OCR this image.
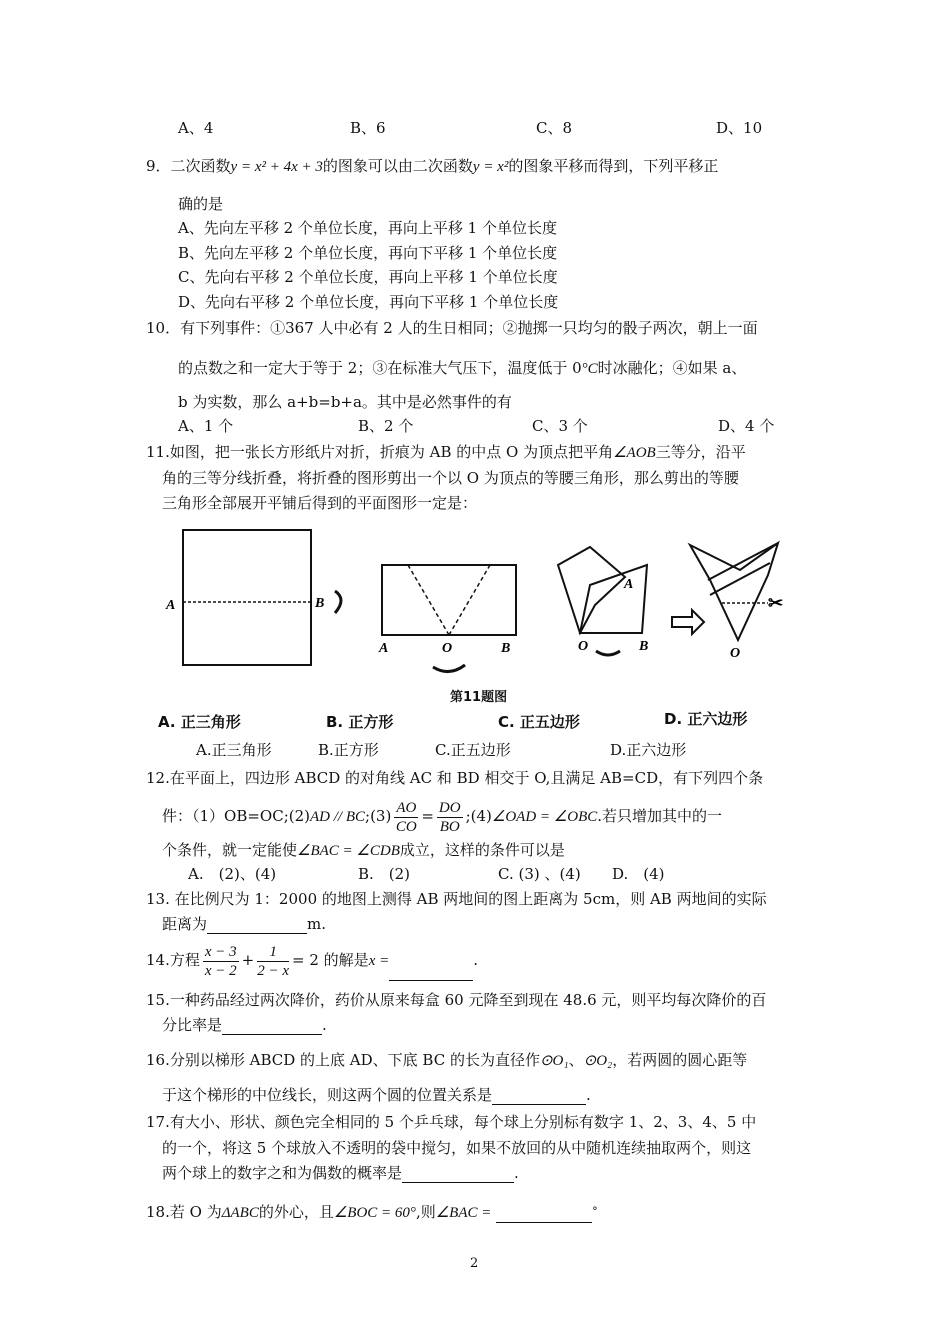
A、4	B、6	C、8	D、10
9．二次函数y = x² + 4x + 3的图象可以由二次函数y = x²的图象平移而得到，下列平移正
确的是
A、先向左平移 2 个单位长度，再向上平移 1 个单位长度
B、先向左平移 2 个单位长度，再向下平移 1 个单位长度
C、先向右平移 2 个单位长度，再向上平移 1 个单位长度
D、先向右平移 2 个单位长度，再向下平移 1 个单位长度
10．有下列事件：①367 人中必有 2 人的生日相同；②抛掷一只均匀的骰子两次，朝上一面
的点数之和一定大于等于 2；③在标准大气压下，温度低于 0°C时冰融化；④如果 a、
b 为实数，那么 a+b=b+a。其中是必然事件的有
A、1 个	B、2 个	C、3 个	D、4 个
11.如图，把一张长方形纸片对折，折痕为 AB 的中点 O 为顶点把平角∠AOB三等分，沿平
角的三等分线折叠，将折叠的图形剪出一个以 O 为顶点的等腰三角形，那么剪出的等腰
三角形全部展开平铺后得到的平面图形一定是：
A	B
A	O	B
A
O	B
✂
O
第11题图
A. 正三角形	B. 正方形	C. 正五边形	D. 正六边形
A.正三角形	B.正方形	C.正五边形	D.正六边形
12.在平面上，四边形 ABCD 的对角线 AC 和 BD 相交于 O,且满足 AB=CD，有下列四个条
件：（1）OB=OC;(2)AD // BC;(3) $\frac{AO}{CO} = \frac{DO}{BO}$ ;(4)∠OAD = ∠OBC.若只增加其中的一
个条件，就一定能使∠BAC = ∠CDB成立，这样的条件可以是
A.　(2)、(4)	B.　(2)	C. (3) 、(4) D.　(4)
13. 在比例尺为 1：2000 的地图上测得 AB 两地间的图上距离为 5cm，则 AB 两地间的实际
距离为	m.
14.方程 $\frac{x - 3}{x - 2} + \frac{1}{2 - x} = 2$ 的解是x =	.
15.一种药品经过两次降价，药价从原来每盒 60 元降至到现在 48.6 元，则平均每次降价的百
分比率是	.
16.分别以梯形 ABCD 的上底 AD、下底 BC 的长为直径作⊙O₁、⊙O₂，若两圆的圆心距等
于这个梯形的中位线长，则这两个圆的位置关系是	.
17.有大小、形状、颜色完全相同的 5 个乒乓球，每个球上分别标有数字 1、2、3、4、5 中
的一个，将这 5 个球放入不透明的袋中搅匀，如果不放回的从中随机连续抽取两个，则这
两个球上的数字之和为偶数的概率是	.
18.若 O 为ΔABC的外心，且∠BOC = 60°,则∠BAC =	°
2
